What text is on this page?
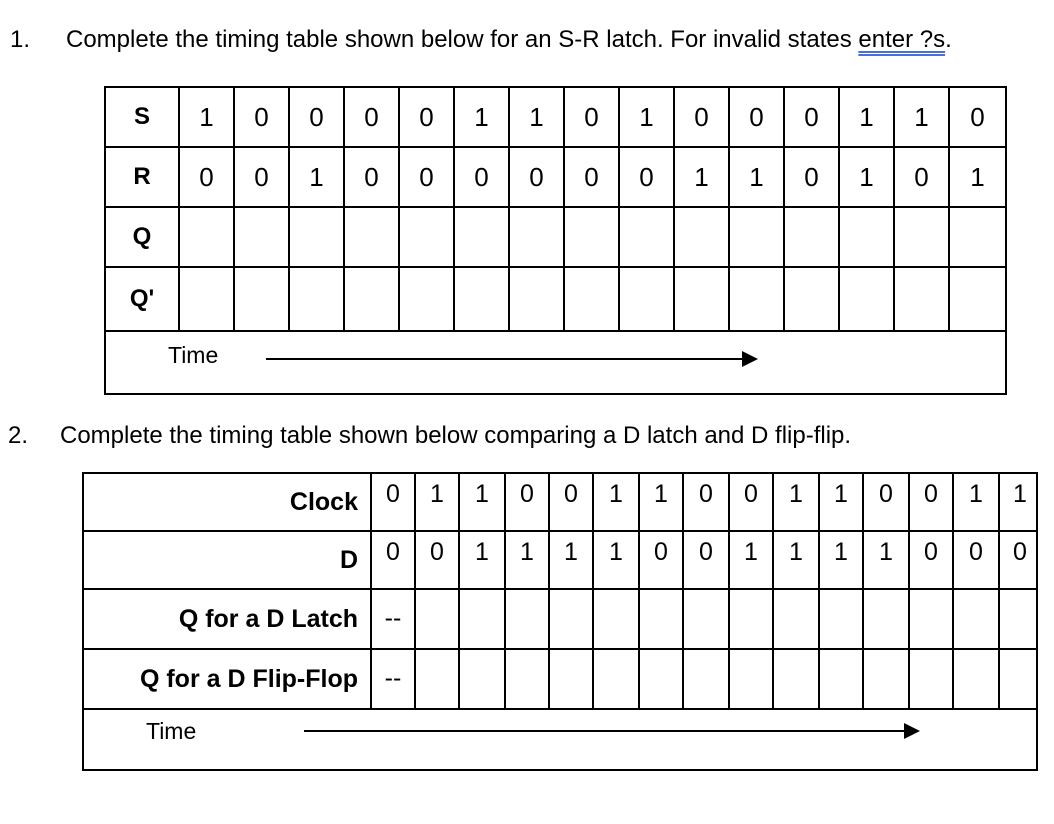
1. Complete the timing table shown below for an S-R latch. For invalid states enter ?s.
S	1	0	0	0	0	1	1	0	1	0	0	0	1	1	0
R	0	0	1	0	0	0	0	0	0	1	1	0	1	0	1
Q
Q'
Time
2. Complete the timing table shown below comparing a D latch and D flip-flip.
Clock	0	1	1	0	0	1	1	0	0	1	1	0	0	1	1
D	0	0	1	1	1	1	0	0	1	1	1	1	0	0	0
Q for a D Latch	--
Q for a D Flip-Flop	--
Time
